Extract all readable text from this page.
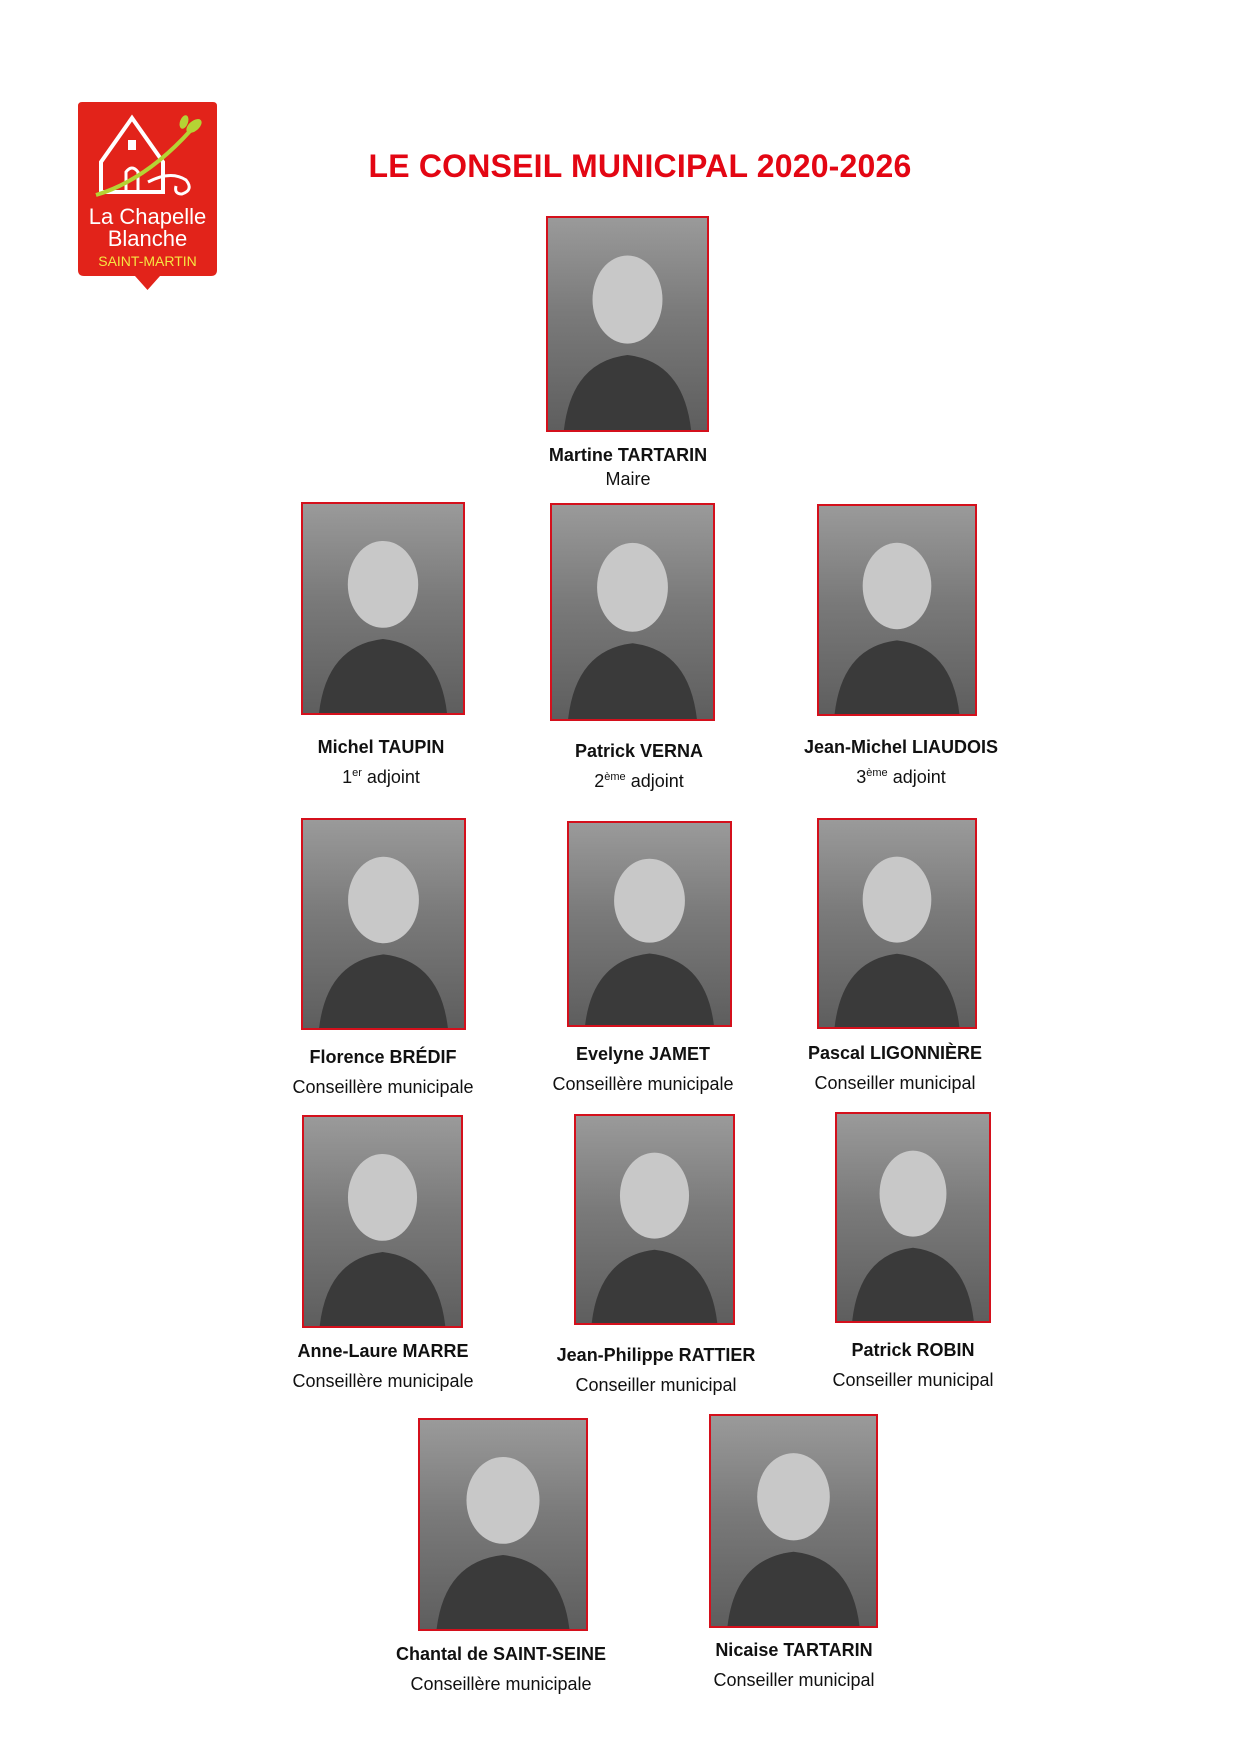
La Chapelle
Blanche
SAINT-MARTIN
LE CONSEIL MUNICIPAL 2020-2026
Martine TARTARIN
Maire
Michel TAUPIN
1er adjoint
Patrick VERNA
2ème adjoint
Jean-Michel LIAUDOIS
3ème adjoint
Florence BRÉDIF
Conseillère municipale
Evelyne JAMET
Conseillère municipale
Pascal LIGONNIÈRE
Conseiller municipal
Anne-Laure MARRE
Conseillère municipale
Jean-Philippe RATTIER
Conseiller municipal
Patrick ROBIN
Conseiller municipal
Chantal de SAINT-SEINE
Conseillère municipale
Nicaise TARTARIN
Conseiller municipal
